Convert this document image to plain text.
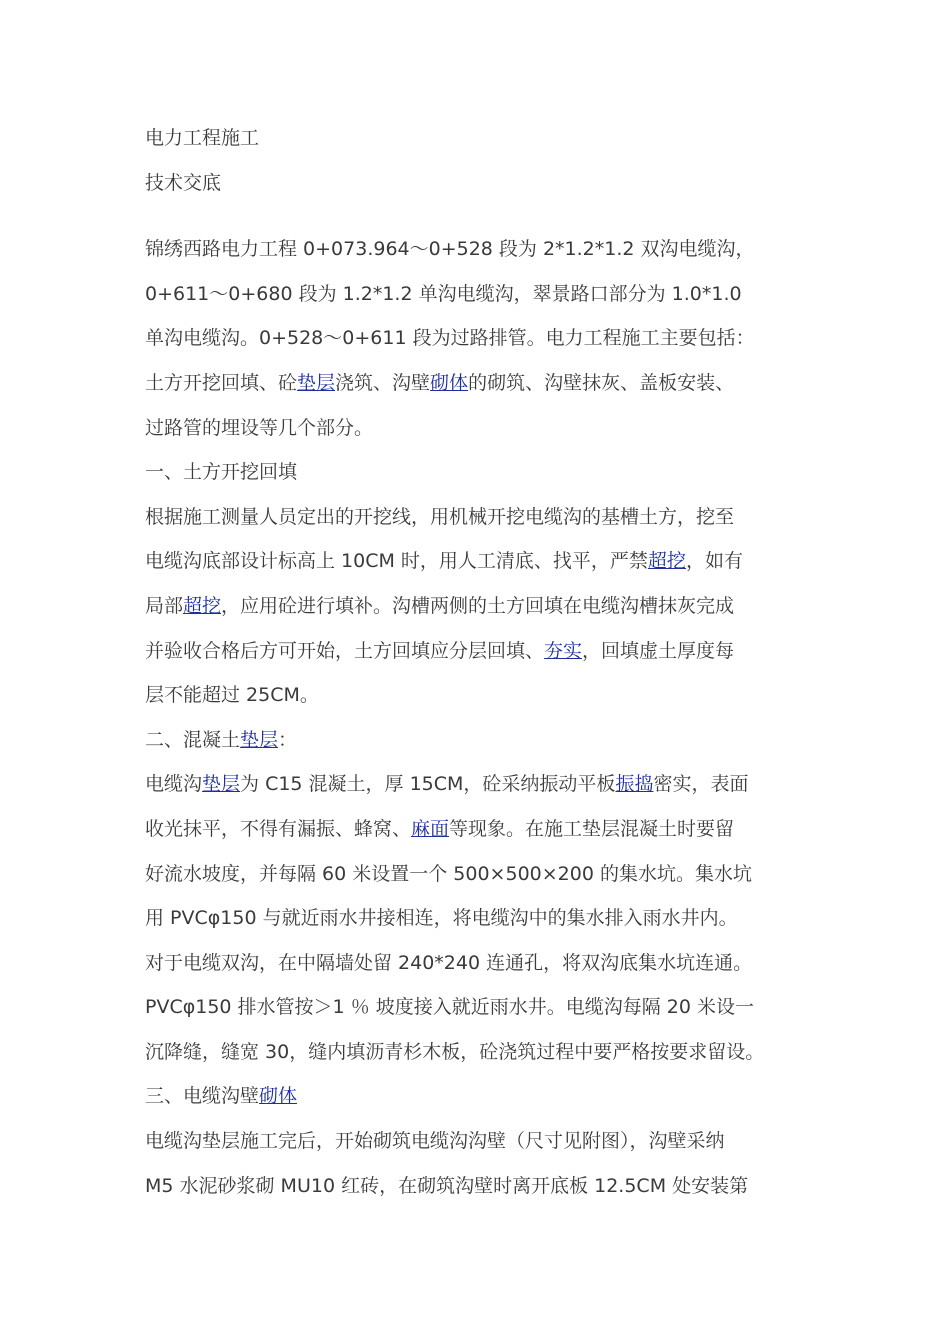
电力工程施工
技术交底
锦绣西路电力工程 0+073.964～0+528 段为 2*1.2*1.2 双沟电缆沟，
0+611～0+680 段为 1.2*1.2 单沟电缆沟，翠景路口部分为 1.0*1.0
单沟电缆沟。0+528～0+611 段为过路排管。电力工程施工主要包括：
土方开挖回填、砼垫层浇筑、沟壁砌体的砌筑、沟壁抹灰、盖板安装、
过路管的埋设等几个部分。
一、土方开挖回填
根据施工测量人员定出的开挖线，用机械开挖电缆沟的基槽土方，挖至
电缆沟底部设计标高上 10CM 时，用人工清底、找平，严禁超挖，如有
局部超挖，应用砼进行填补。沟槽两侧的土方回填在电缆沟槽抹灰完成
并验收合格后方可开始，土方回填应分层回填、夯实，回填虚土厚度每
层不能超过 25CM。
二、混凝土垫层：
电缆沟垫层为 C15 混凝土，厚 15CM，砼采纳振动平板振捣密实，表面
收光抹平，不得有漏振、蜂窝、麻面等现象。在施工垫层混凝土时要留
好流水坡度，并每隔 60 米设置一个 500×500×200 的集水坑。集水坑
用 PVCφ150 与就近雨水井接相连，将电缆沟中的集水排入雨水井内。
对于电缆双沟，在中隔墙处留 240*240 连通孔，将双沟底集水坑连通。
PVCφ150 排水管按＞1 ％ 坡度接入就近雨水井。电缆沟每隔 20 米设一
沉降缝，缝宽 30，缝内填沥青杉木板，砼浇筑过程中要严格按要求留设。
三、电缆沟壁砌体
电缆沟垫层施工完后，开始砌筑电缆沟沟壁（尺寸见附图），沟壁采纳
M5 水泥砂浆砌 MU10 红砖，在砌筑沟壁时离开底板 12.5CM 处安装第
